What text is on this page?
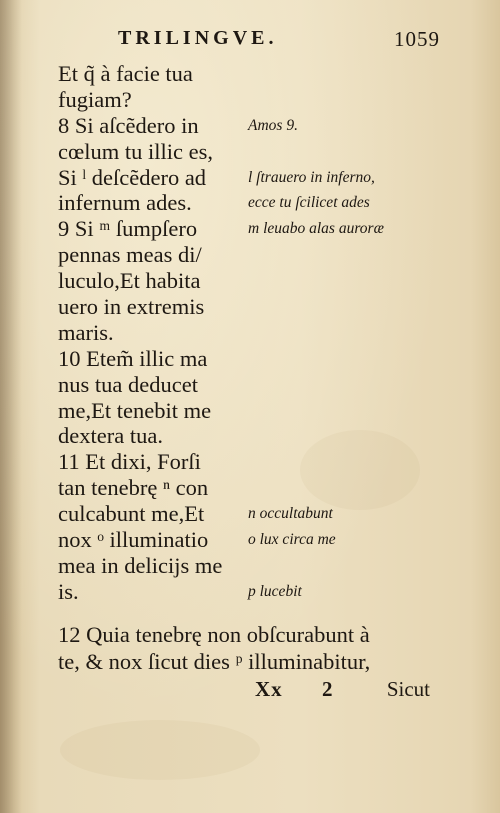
TRILINGVE.	1059
Et q̃ à facie tua
fugiam?
8 Si aſcẽdero in
cœlum tu illic es,
Si ˡ deſcẽdero ad
infernum ades.
9 Si ᵐ ſumpſero
pennas meas di/
luculo,Et habita
uero in extremis
maris.
10 Etem̃ illic ma
nus tua deducet
me,Et tenebit me
dextera tua.
11 Et dixi, Forſi
tan tenebrę ⁿ con
culcabunt me,Et
nox ᵒ illuminatio
mea in delicijs me
is.
Amos 9.
l ſtrauero in inferno,
ecce tu ſcilicet ades
m leuabo alas auroræ
n occultabunt
o lux circa me
p lucebit
12 Quia tenebrę non obſcurabunt à
te, & nox ſicut dies ᵖ illuminabitur,
Xx 2	Sicut
